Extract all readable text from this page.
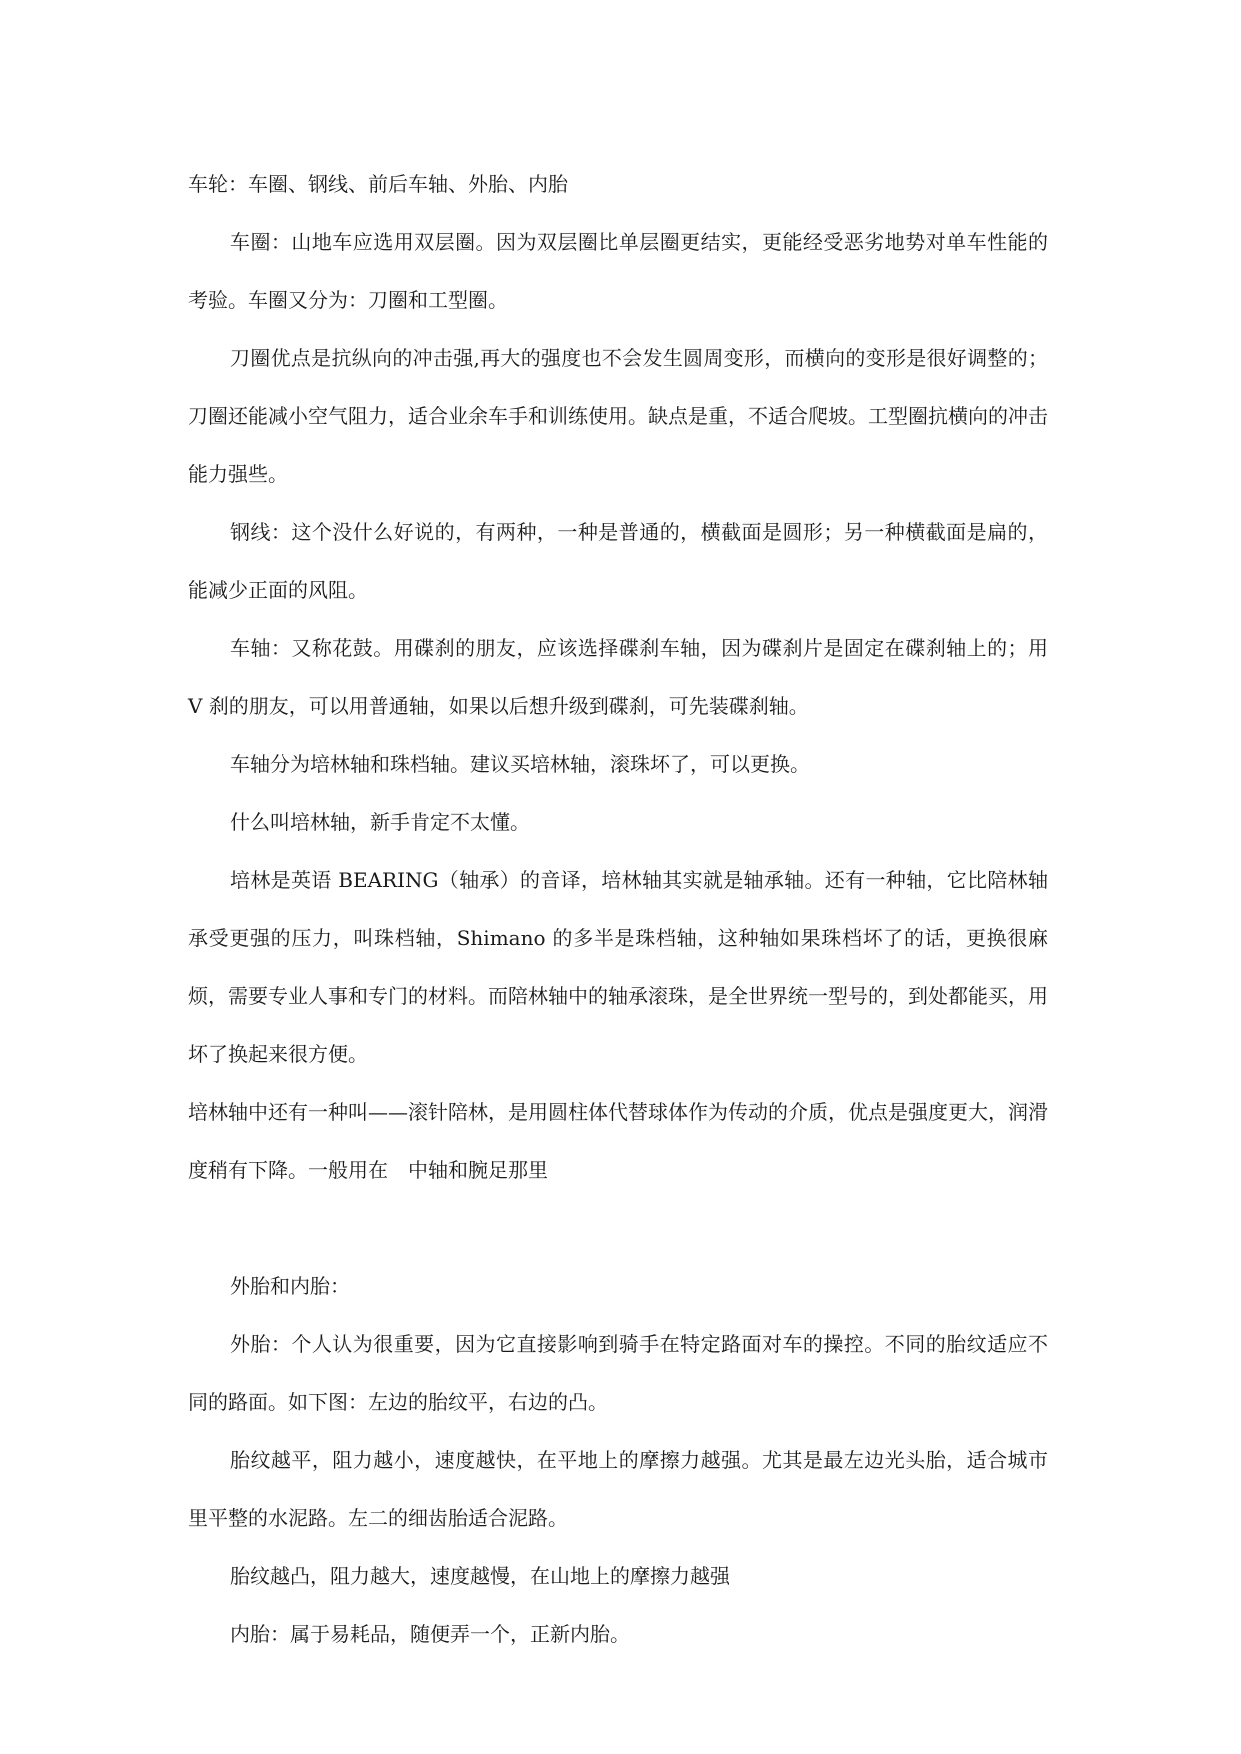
车轮：车圈、钢线、前后车轴、外胎、内胎

车圈：山地车应选用双层圈。因为双层圈比单层圈更结实，更能经受恶劣地势对单车性能的考验。车圈又分为：刀圈和工型圈。

刀圈优点是抗纵向的冲击强,再大的强度也不会发生圆周变形，而横向的变形是很好调整的；刀圈还能减小空气阻力，适合业余车手和训练使用。缺点是重，不适合爬坡。工型圈抗横向的冲击能力强些。

钢线：这个没什么好说的，有两种，一种是普通的，横截面是圆形；另一种横截面是扁的，能减少正面的风阻。

车轴：又称花鼓。用碟刹的朋友，应该选择碟刹车轴，因为碟刹片是固定在碟刹轴上的；用 V 刹的朋友，可以用普通轴，如果以后想升级到碟刹，可先装碟刹轴。

车轴分为培林轴和珠档轴。建议买培林轴，滚珠坏了，可以更换。

什么叫培林轴，新手肯定不太懂。

培林是英语 BEARING（轴承）的音译，培林轴其实就是轴承轴。还有一种轴，它比陪林轴承受更强的压力，叫珠档轴，Shimano 的多半是珠档轴，这种轴如果珠档坏了的话，更换很麻烦，需要专业人事和专门的材料。而陪林轴中的轴承滚珠，是全世界统一型号的，到处都能买，用坏了换起来很方便。

培林轴中还有一种叫——滚针陪林，是用圆柱体代替球体作为传动的介质，优点是强度更大，润滑度稍有下降。一般用在　中轴和腕足那里

外胎和内胎：

外胎：个人认为很重要，因为它直接影响到骑手在特定路面对车的操控。不同的胎纹适应不同的路面。如下图：左边的胎纹平，右边的凸。

胎纹越平，阻力越小，速度越快，在平地上的摩擦力越强。尤其是最左边光头胎，适合城市里平整的水泥路。左二的细齿胎适合泥路。

胎纹越凸，阻力越大，速度越慢，在山地上的摩擦力越强

内胎：属于易耗品，随便弄一个，正新内胎。
